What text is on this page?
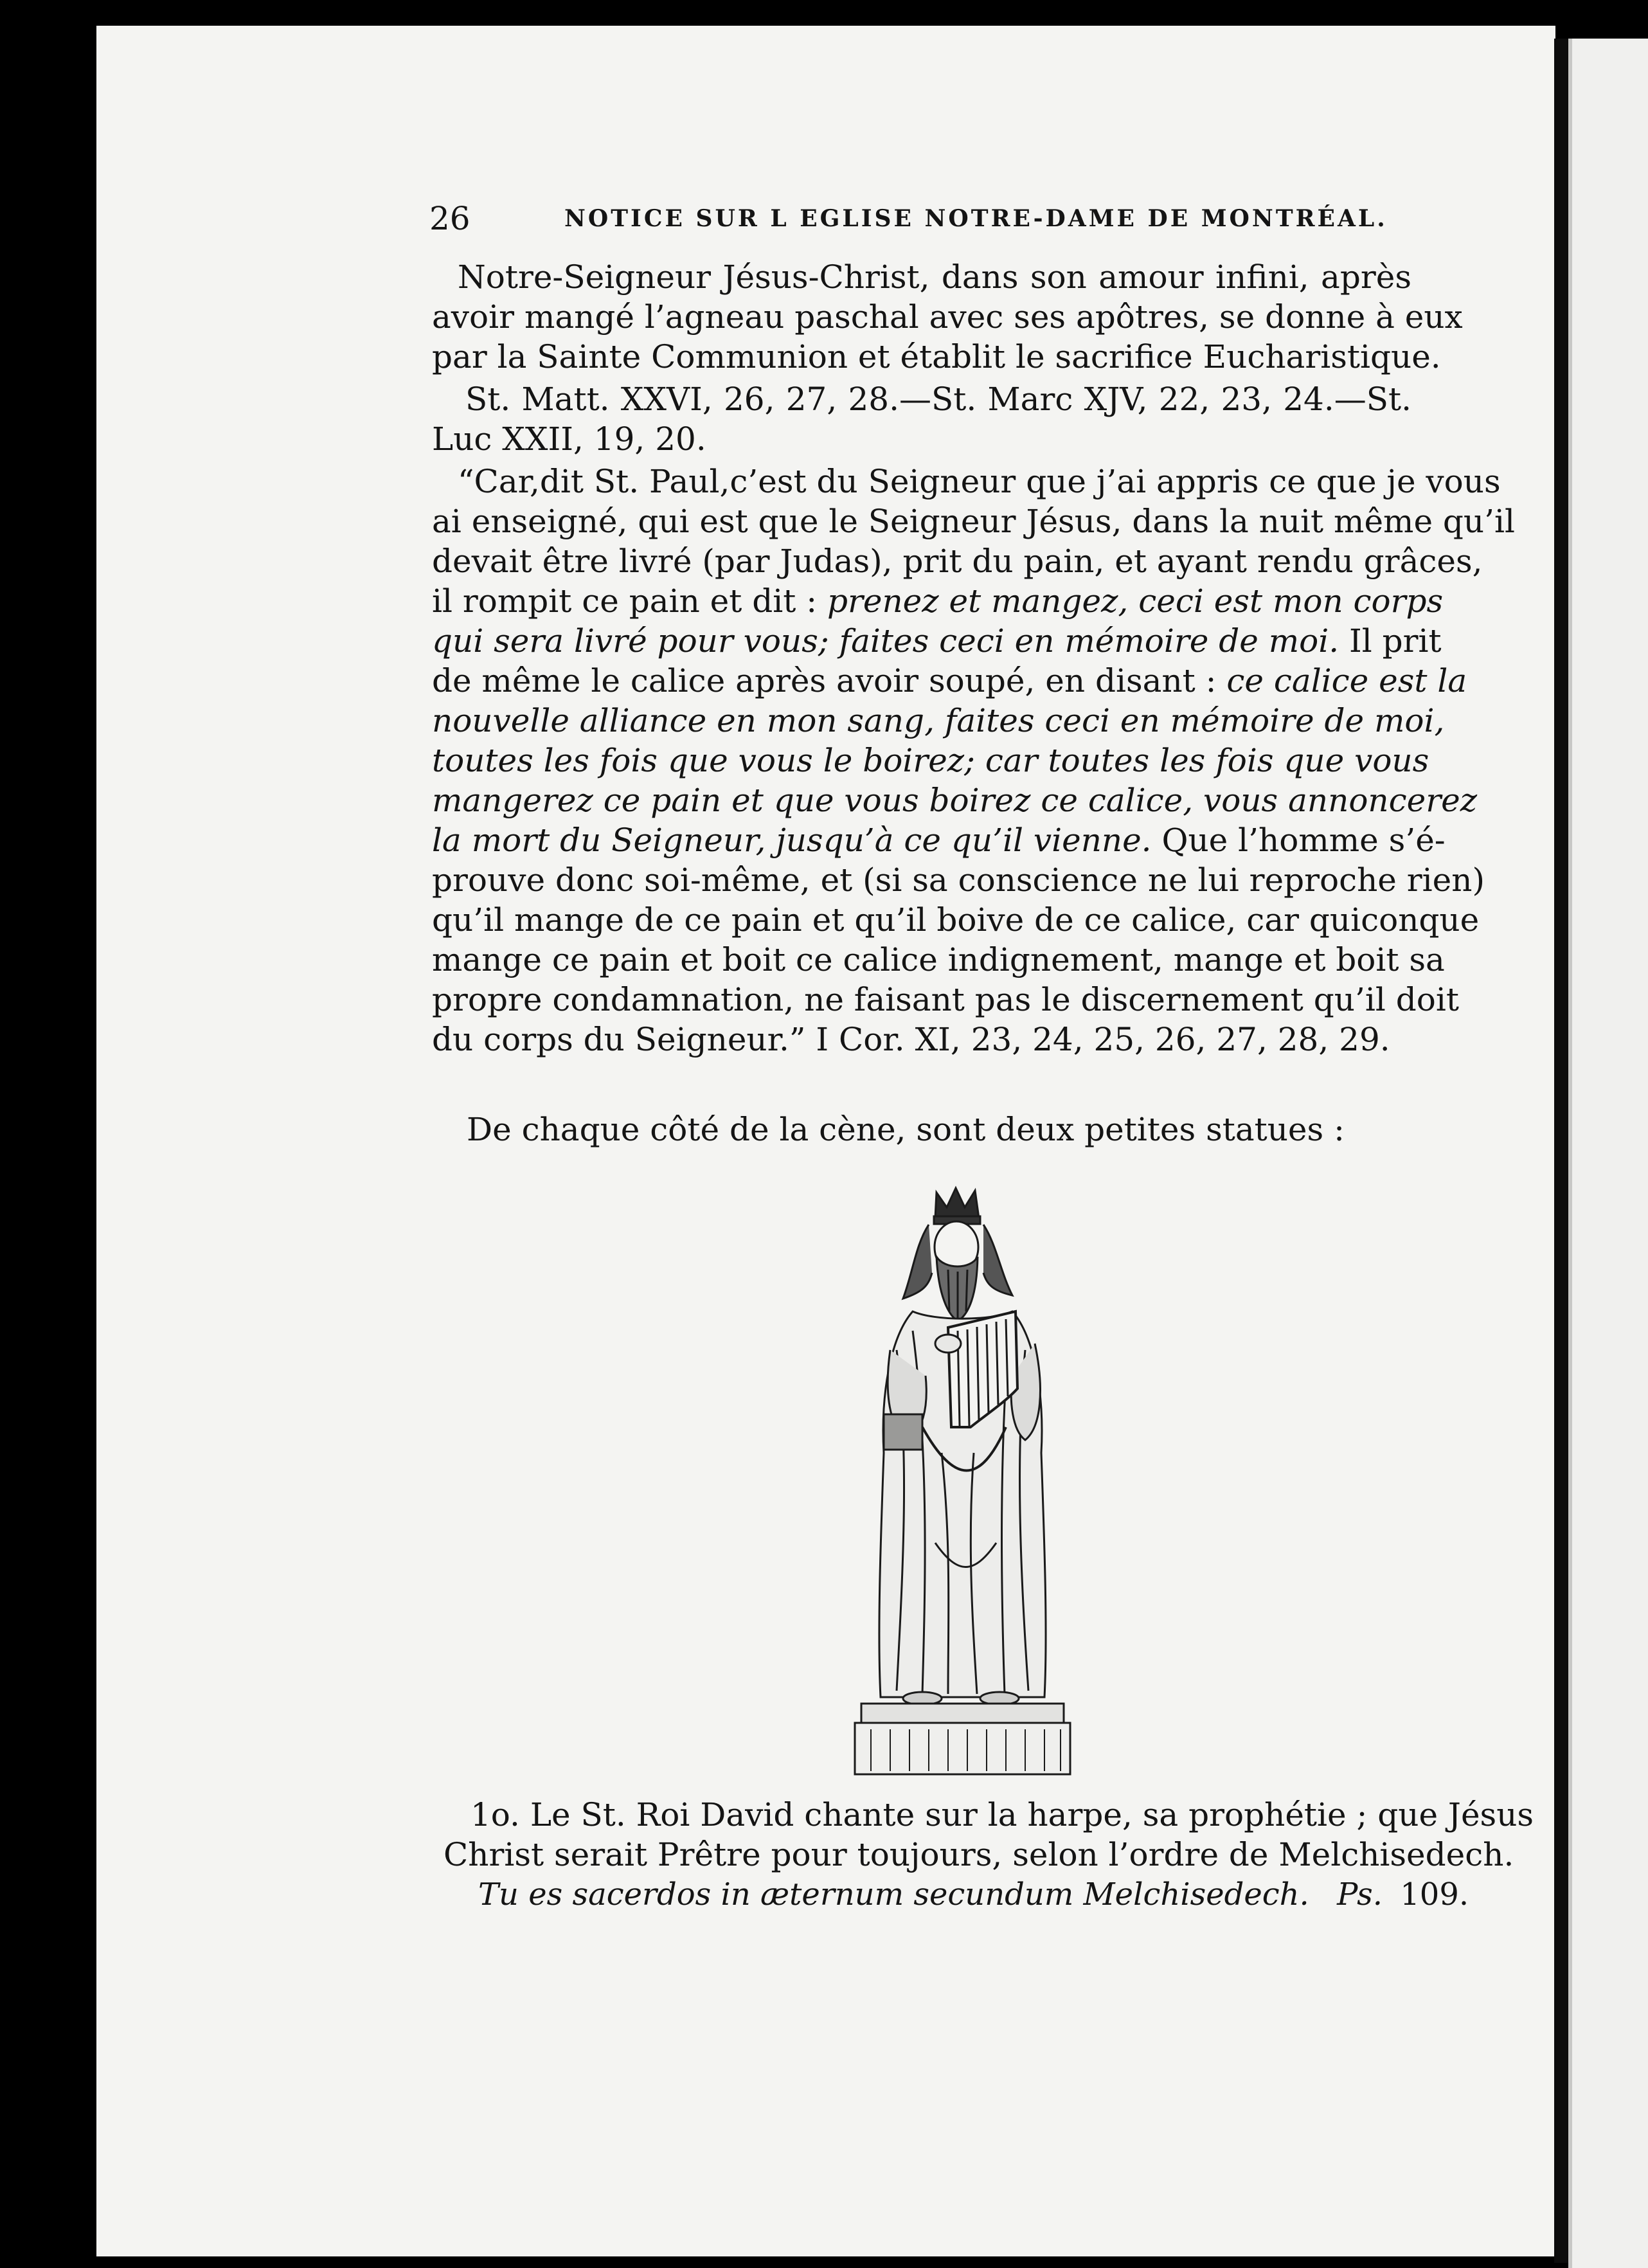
26	NOTICE SUR L EGLISE NOTRE-DAME DE MONTRÉAL.
Notre-Seigneur Jésus-Christ, dans son amour infini, après
avoir mangé l’agneau paschal avec ses apôtres, se donne à eux
par la Sainte Communion et établit le sacrifice Eucharistique.
St. Matt. XXVI, 26, 27, 28.—St. Marc XJV, 22, 23, 24.—St.
Luc XXII, 19, 20.
“Car,dit St. Paul,c’est du Seigneur que j’ai appris ce que je vous
ai enseigné, qui est que le Seigneur Jésus, dans la nuit même qu’il
devait être livré (par Judas), prit du pain, et ayant rendu grâces,
il rompit ce pain et dit : prenez et mangez, ceci est mon corps
qui sera livré pour vous; faites ceci en mémoire de moi. Il prit
de même le calice après avoir soupé, en disant : ce calice est la
nouvelle alliance en mon sang, faites ceci en mémoire de moi,
toutes les fois que vous le boirez; car toutes les fois que vous
mangerez ce pain et que vous boirez ce calice, vous annoncerez
la mort du Seigneur, jusqu’à ce qu’il vienne. Que l’homme s’é-
prouve donc soi-même, et (si sa conscience ne lui reproche rien)
qu’il mange de ce pain et qu’il boive de ce calice, car quiconque
mange ce pain et boit ce calice indignement, mange et boit sa
propre condamnation, ne faisant pas le discernement qu’il doit
du corps du Seigneur.” I Cor. XI, 23, 24, 25, 26, 27, 28, 29.
De chaque côté de la cène, sont deux petites statues :
1o. Le St. Roi David chante sur la harpe, sa prophétie ; que Jésus
Christ serait Prêtre pour toujours, selon l’ordre de Melchisedech.
Tu es sacerdos in æternum secundum Melchisedech. Ps. 109.
